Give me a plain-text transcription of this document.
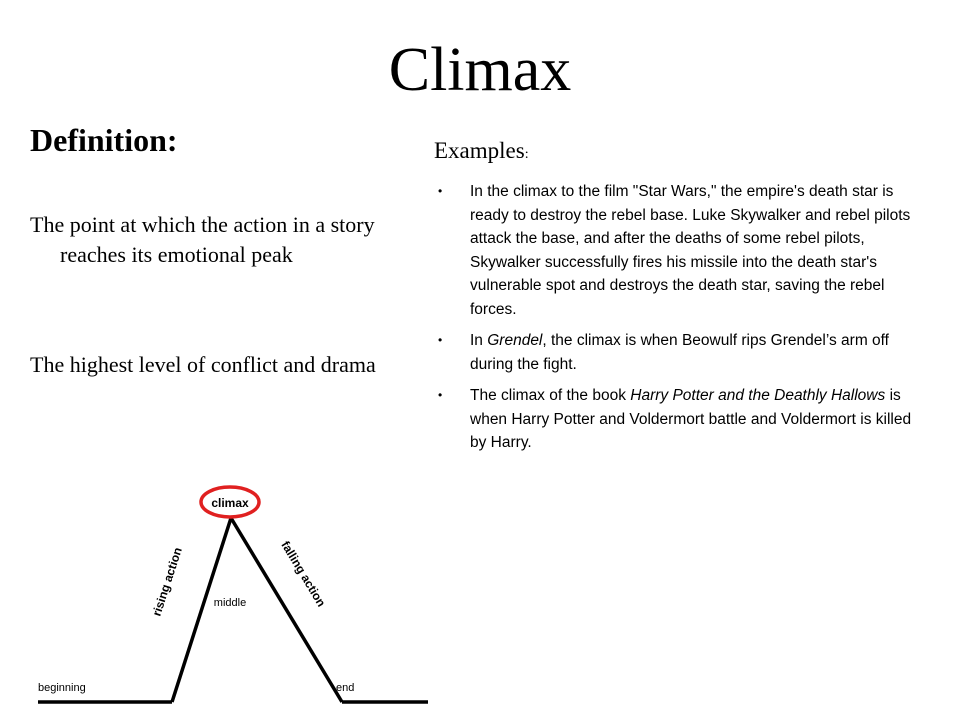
Climax
Definition:
The point at which the action in a story reaches its emotional peak
The highest level of conflict and drama
Examples:
• In the climax to the film "Star Wars," the empire's death star is ready to destroy the rebel base. Luke Skywalker and rebel pilots attack the base, and after the deaths of some rebel pilots, Skywalker successfully fires his missile into the death star's vulnerable spot and destroys the death star, saving the rebel forces.
• In Grendel, the climax is when Beowulf rips Grendel’s arm off during the fight.
• The climax of the book Harry Potter and the Deathly Hallows is when Harry Potter and Voldermort battle and Voldermort is killed by Harry.
climax
rising action	falling action
middle
beginning	end
